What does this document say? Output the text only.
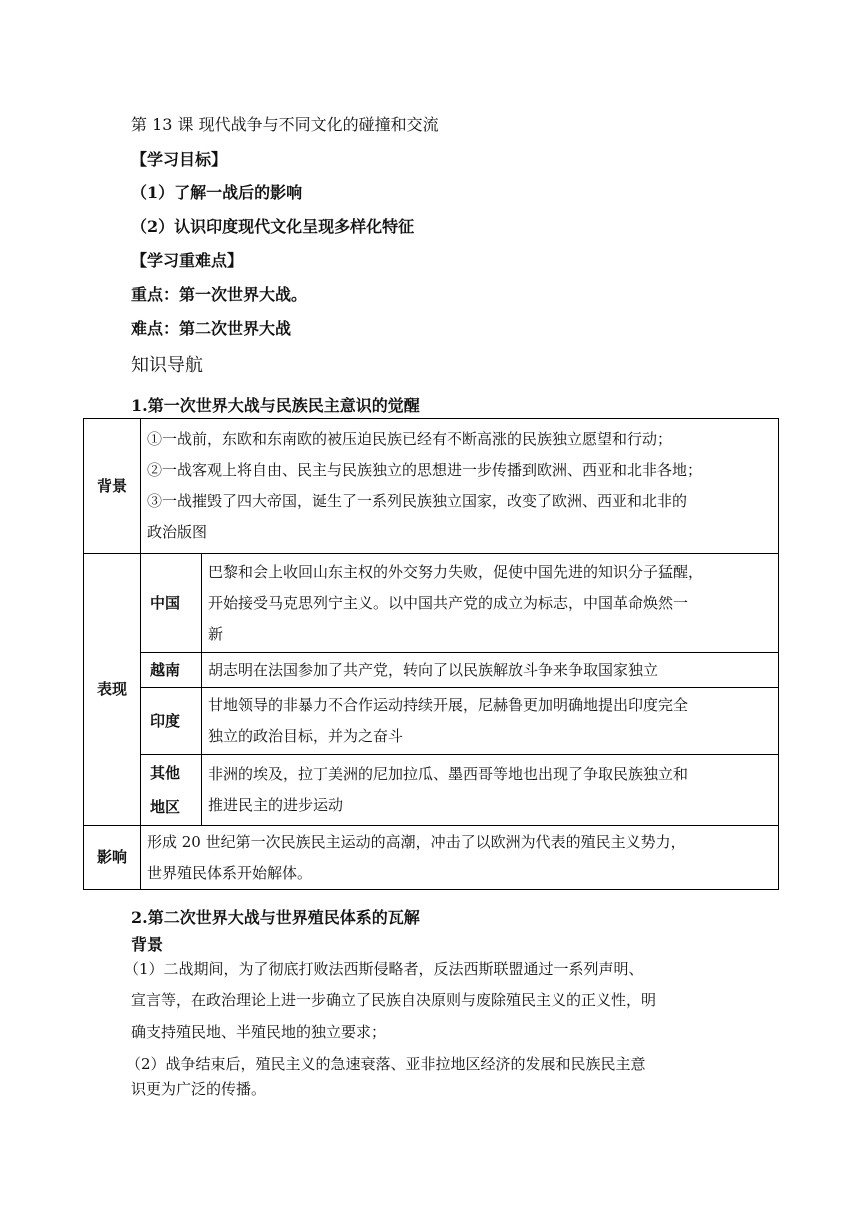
第 13 课 现代战争与不同文化的碰撞和交流
【学习目标】
（1）了解一战后的影响
（2）认识印度现代文化呈现多样化特征
【学习重难点】
重点：第一次世界大战。
难点：第二次世界大战
知识导航
1.第一次世界大战与民族民主意识的觉醒
背景	①一战前，东欧和东南欧的被压迫民族已经有不断高涨的民族独立愿望和行动；
②一战客观上将自由、民主与民族独立的思想进一步传播到欧洲、西亚和北非各地；
③一战摧毁了四大帝国，诞生了一系列民族独立国家，改变了欧洲、西亚和北非的
政治版图	

表现	中国	巴黎和会上收回山东主权的外交努力失败，促使中国先进的知识分子猛醒，
开始接受马克思列宁主义。以中国共产党的成立为标志，中国革命焕然一
新

	越南	胡志明在法国参加了共产党，转向了以民族解放斗争来争取国家独立

	印度	甘地领导的非暴力不合作运动持续开展，尼赫鲁更加明确地提出印度完全
独立的政治目标，并为之奋斗

	其他
地区	非洲的埃及，拉丁美洲的尼加拉瓜、墨西哥等地也出现了争取民族独立和
推进民主的进步运动

影响	形成 20 世纪第一次民族民主运动的高潮，冲击了以欧洲为代表的殖民主义势力，
世界殖民体系开始解体。	
2.第二次世界大战与世界殖民体系的瓦解
背景
（1）二战期间，为了彻底打败法西斯侵略者，反法西斯联盟通过一系列声明、
宣言等，在政治理论上进一步确立了民族自决原则与废除殖民主义的正义性，明
确支持殖民地、半殖民地的独立要求；
（2）战争结束后，殖民主义的急速衰落、亚非拉地区经济的发展和民族民主意
识更为广泛的传播。
